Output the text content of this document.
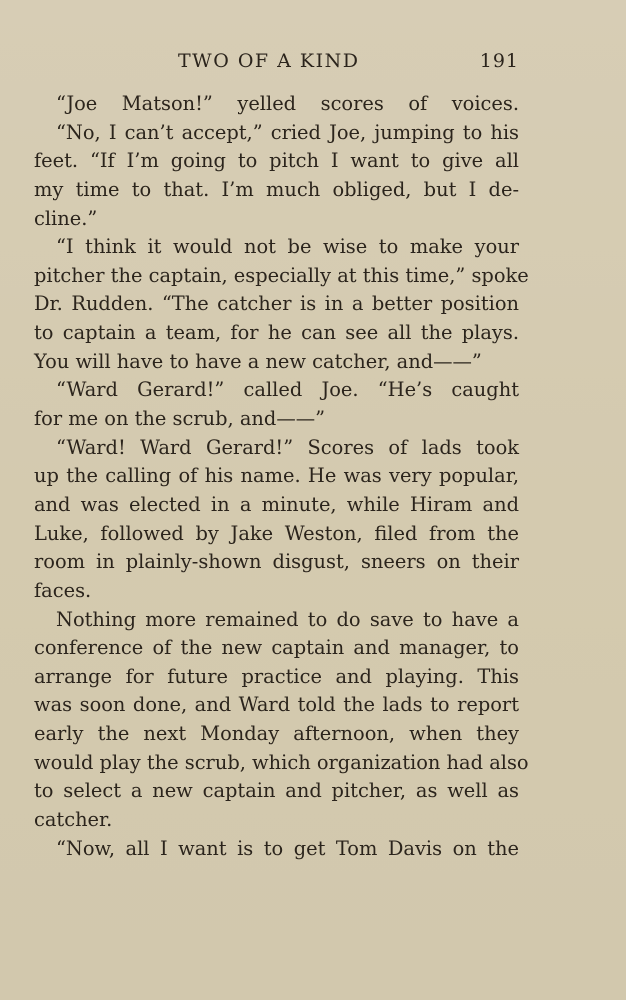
TWO OF A KIND	191
“Joe Matson!” yelled scores of voices.
“No, I can’t accept,” cried Joe, jumping to his
feet. “If I’m going to pitch I want to give all
my time to that. I’m much obliged, but I de-
cline.”
“I think it would not be wise to make your
pitcher the captain, especially at this time,” spoke
Dr. Rudden. “The catcher is in a better position
to captain a team, for he can see all the plays.
You will have to have a new catcher, and——”
“Ward Gerard!” called Joe. “He’s caught
for me on the scrub, and——”
“Ward! Ward Gerard!” Scores of lads took
up the calling of his name. He was very popular,
and was elected in a minute, while Hiram and
Luke, followed by Jake Weston, filed from the
room in plainly-shown disgust, sneers on their
faces.
Nothing more remained to do save to have a
conference of the new captain and manager, to
arrange for future practice and playing. This
was soon done, and Ward told the lads to report
early the next Monday afternoon, when they
would play the scrub, which organization had also
to select a new captain and pitcher, as well as
catcher.
“Now, all I want is to get Tom Davis on the
